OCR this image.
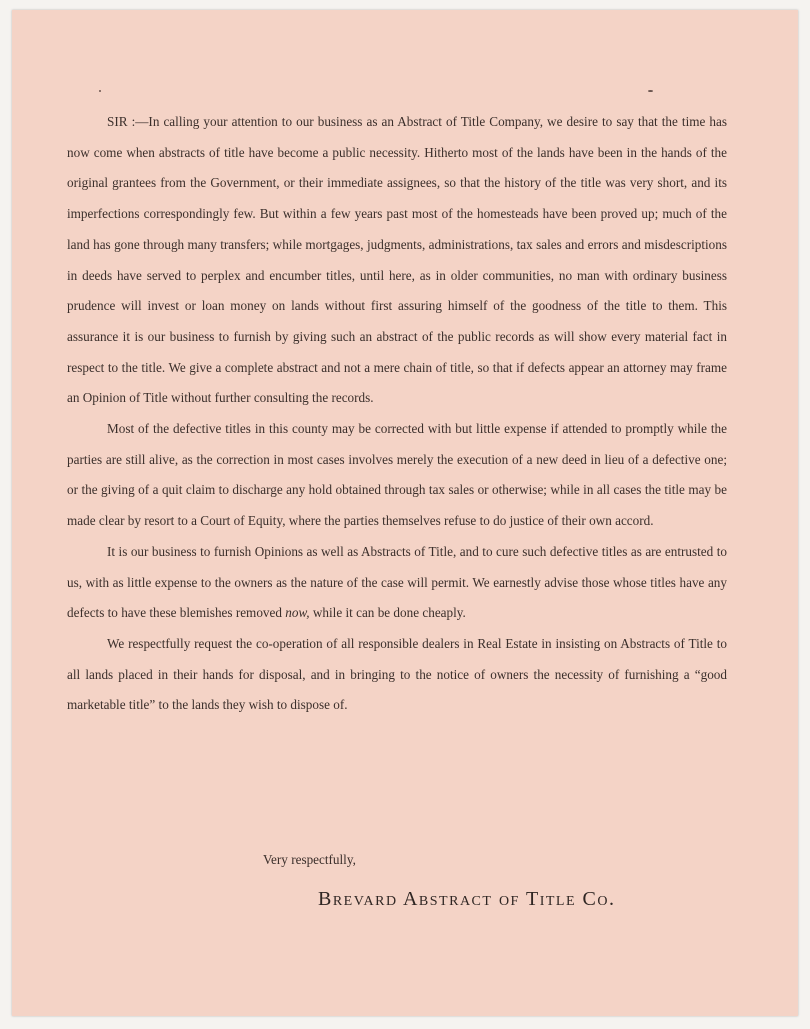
SIR :—In calling your attention to our business as an Abstract of Title Company, we desire to say that the time has now come when abstracts of title have become a public necessity. Hitherto most of the lands have been in the hands of the original grantees from the Government, or their immediate assignees, so that the history of the title was very short, and its imperfections correspondingly few. But within a few years past most of the homesteads have been proved up; much of the land has gone through many transfers; while mortgages, judgments, administrations, tax sales and errors and misdescriptions in deeds have served to perplex and encumber titles, until here, as in older communities, no man with ordinary business prudence will invest or loan money on lands without first assuring himself of the goodness of the title to them. This assurance it is our business to furnish by giving such an abstract of the public records as will show every material fact in respect to the title. We give a complete abstract and not a mere chain of title, so that if defects appear an attorney may frame an Opinion of Title without further consulting the records.

Most of the defective titles in this county may be corrected with but little expense if attended to promptly while the parties are still alive, as the correction in most cases involves merely the execution of a new deed in lieu of a defective one; or the giving of a quit claim to discharge any hold obtained through tax sales or otherwise; while in all cases the title may be made clear by resort to a Court of Equity, where the parties themselves refuse to do justice of their own accord.

It is our business to furnish Opinions as well as Abstracts of Title, and to cure such defective titles as are entrusted to us, with as little expense to the owners as the nature of the case will permit. We earnestly advise those whose titles have any defects to have these blemishes removed now, while it can be done cheaply.

We respectfully request the co-operation of all responsible dealers in Real Estate in insisting on Abstracts of Title to all lands placed in their hands for disposal, and in bringing to the notice of owners the necessity of furnishing a “good marketable title” to the lands they wish to dispose of.

Very respectfully,
Brevard Abstract of Title Co.
